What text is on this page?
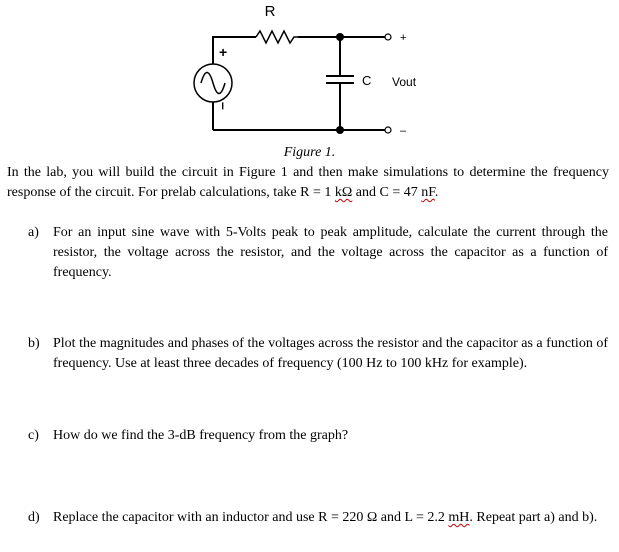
R
C
+
–
Vout
+
–
Figure 1.
In the lab, you will build the circuit in Figure 1 and then make simulations to determine the frequency response of the circuit. For prelab calculations, take R = 1 kΩ and C = 47 nF.
a) For an input sine wave with 5-Volts peak to peak amplitude, calculate the current through the resistor, the voltage across the resistor, and the voltage across the capacitor as a function of frequency.
b) Plot the magnitudes and phases of the voltages across the resistor and the capacitor as a function of frequency. Use at least three decades of frequency (100 Hz to 100 kHz for example).
c) How do we find the 3-dB frequency from the graph?
d) Replace the capacitor with an inductor and use R = 220 Ω and L = 2.2 mH. Repeat part a) and b).
